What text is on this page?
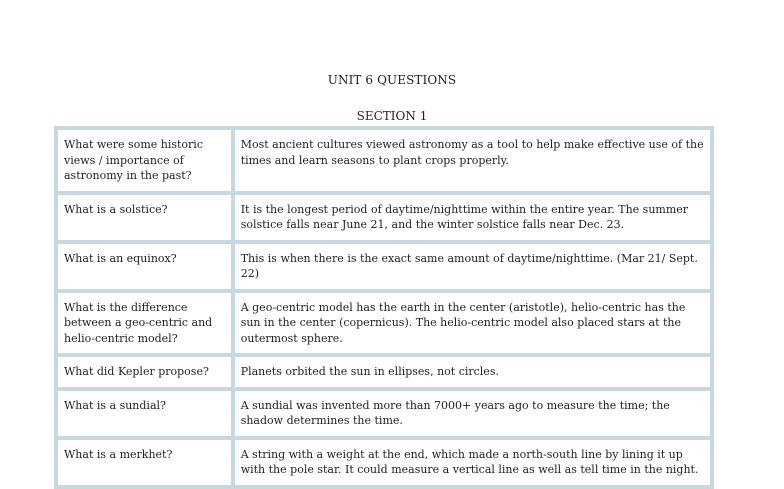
UNIT 6 QUESTIONS
SECTION 1
What were some historic views / importance of astronomy in the past?	Most ancient cultures viewed astronomy as a tool to help make effective use of the times and learn seasons to plant crops properly.
What is a solstice?	It is the longest period of daytime/nighttime within the entire year. The summer solstice falls near June 21, and the winter solstice falls near Dec. 23.
What is an equinox?	This is when there is the exact same amount of daytime/nighttime. (Mar 21/ Sept. 22)
What is the difference between a geo-centric and helio-centric model?	A geo-centric model has the earth in the center (aristotle), helio-centric has the sun in the center (copernicus). The helio-centric model also placed stars at the outermost sphere.
What did Kepler propose?	Planets orbited the sun in ellipses, not circles.
What is a sundial?	A sundial was invented more than 7000+ years ago to measure the time; the shadow determines the time.
What is a merkhet?	A string with a weight at the end, which made a north-south line by lining it up with the pole star. It could measure a vertical line as well as tell time in the night.
